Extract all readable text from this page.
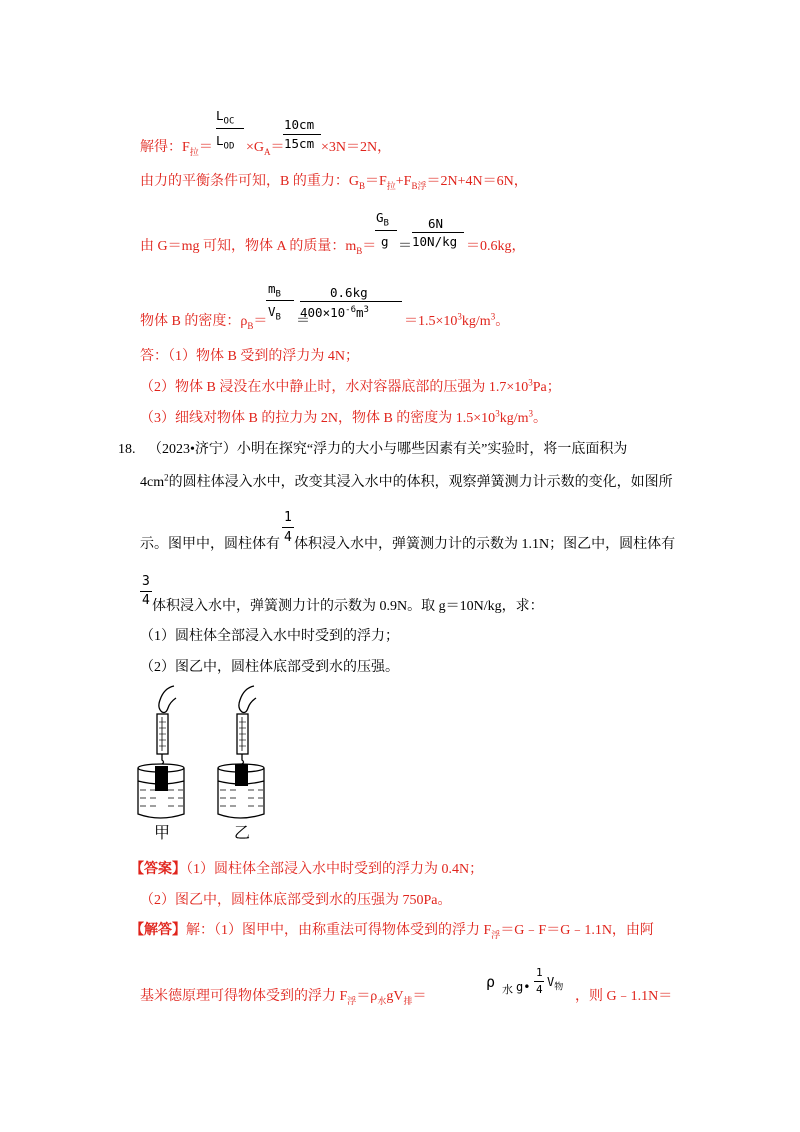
解得：$F_拉=$
$L_{OC}$
$L_{OD} \times G_A=$
10cm
15cm ×3N＝2N，
由力的平衡条件可知，B 的重力：$G_B=F_拉+F_{B浮}=2N+4N=6N$，
由 G＝mg 可知，物体 A 的质量：$m_B=$
$G_B$
g ＝
6N
10N/kg ＝0.6kg，
物体 B 的密度：$\rho_B=$
$m_B$
$V_B$ ＝
0.6kg
$400\times 10^{-6}m^3$
$=1.5\times 10^3kg/m^3$。
答：（1）物体 B 受到的浮力为 4N；
（2）物体 B 浸没在水中静止时，水对容器底部的压强为 $1.7\times 10^3Pa$；
（3）细线对物体 B 的拉力为 2N，物体 B 的密度为 $1.5\times 10^3kg/m^3$。
18. （2023•济宁）小明在探究“浮力的大小与哪些因素有关”实验时，将一底面积为
$4cm^2$的圆柱体浸入水中，改变其浸入水中的体积，观察弹簧测力计示数的变化，如图所
示。图甲中，圆柱体有
1
4 体积浸入水中，弹簧测力计的示数为 1.1N；图乙中，圆柱体有
3
4 体积浸入水中，弹簧测力计的示数为 0.9N。取 g＝10N/kg，求：
（1）圆柱体全部浸入水中时受到的浮力；
（2）图乙中，圆柱体底部受到水的压强。
甲	乙
【答案】（1）圆柱体全部浸入水中时受到的浮力为 0.4N；
（2）图乙中，圆柱体底部受到水的压强为 750Pa。
【解答】解：（1）图甲中，由称重法可得物体受到的浮力 $F_浮=G﹣F=G﹣1.1N$，由阿
基米德原理可得物体受到的浮力 $F_浮=\rho_水gV_排=$
ρ 水 g•
1
4
$V_物$
，则 G﹣1.1N＝
